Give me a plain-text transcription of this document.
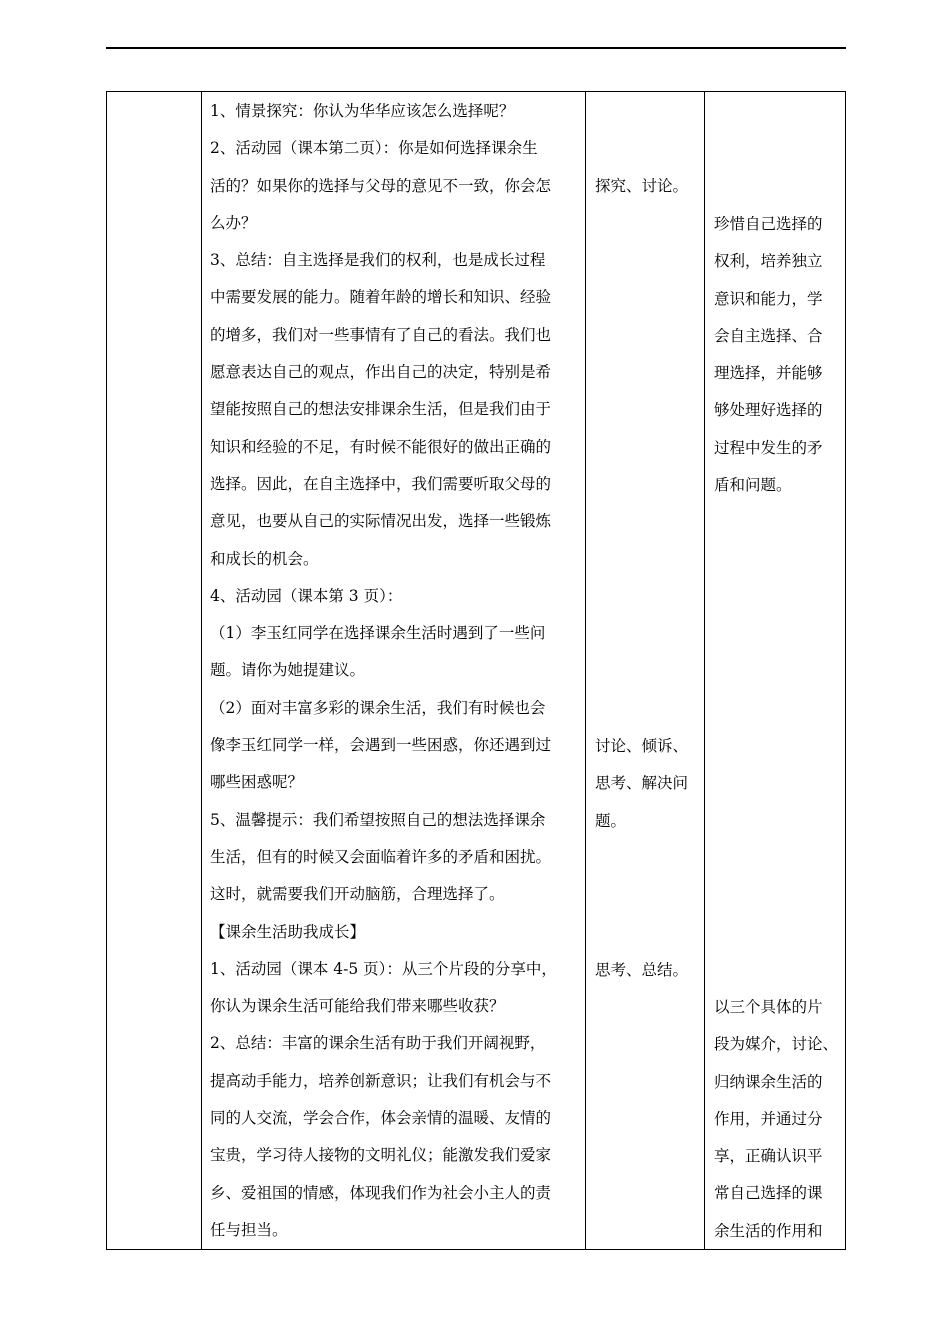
1、情景探究：你认为华华应该怎么选择呢？

2、活动园（课本第二页）：你是如何选择课余生

活的？如果你的选择与父母的意见不一致，你会怎

么办？

3、总结：自主选择是我们的权利，也是成长过程

中需要发展的能力。随着年龄的增长和知识、经验

的增多，我们对一些事情有了自己的看法。我们也

愿意表达自己的观点，作出自己的决定，特别是希

望能按照自己的想法安排课余生活，但是我们由于

知识和经验的不足，有时候不能很好的做出正确的

选择。因此，在自主选择中，我们需要听取父母的

意见，也要从自己的实际情况出发，选择一些锻炼

和成长的机会。

4、活动园（课本第 3 页）：

（1）李玉红同学在选择课余生活时遇到了一些问

题。请你为她提建议。

（2）面对丰富多彩的课余生活，我们有时候也会

像李玉红同学一样，会遇到一些困惑，你还遇到过

哪些困惑呢？

5、温馨提示：我们希望按照自己的想法选择课余

生活，但有的时候又会面临着许多的矛盾和困扰。

这时，就需要我们开动脑筋，合理选择了。

【课余生活助我成长】

1、活动园（课本 4-5 页）：从三个片段的分享中，

你认为课余生活可能给我们带来哪些收获？

2、总结：丰富的课余生活有助于我们开阔视野，

提高动手能力，培养创新意识；让我们有机会与不

同的人交流，学会合作，体会亲情的温暖、友情的

宝贵，学习待人接物的文明礼仪；能激发我们爱家

乡、爱祖国的情感，体现我们作为社会小主人的责

任与担当。

探究、讨论。

讨论、倾诉、

思考、解决问

题。

思考、总结。

珍惜自己选择的

权利，培养独立

意识和能力，学

会自主选择、合

理选择，并能够

够处理好选择的

过程中发生的矛

盾和问题。

以三个具体的片

段为媒介，讨论、

归纳课余生活的

作用，并通过分

享，正确认识平

常自己选择的课

余生活的作用和
